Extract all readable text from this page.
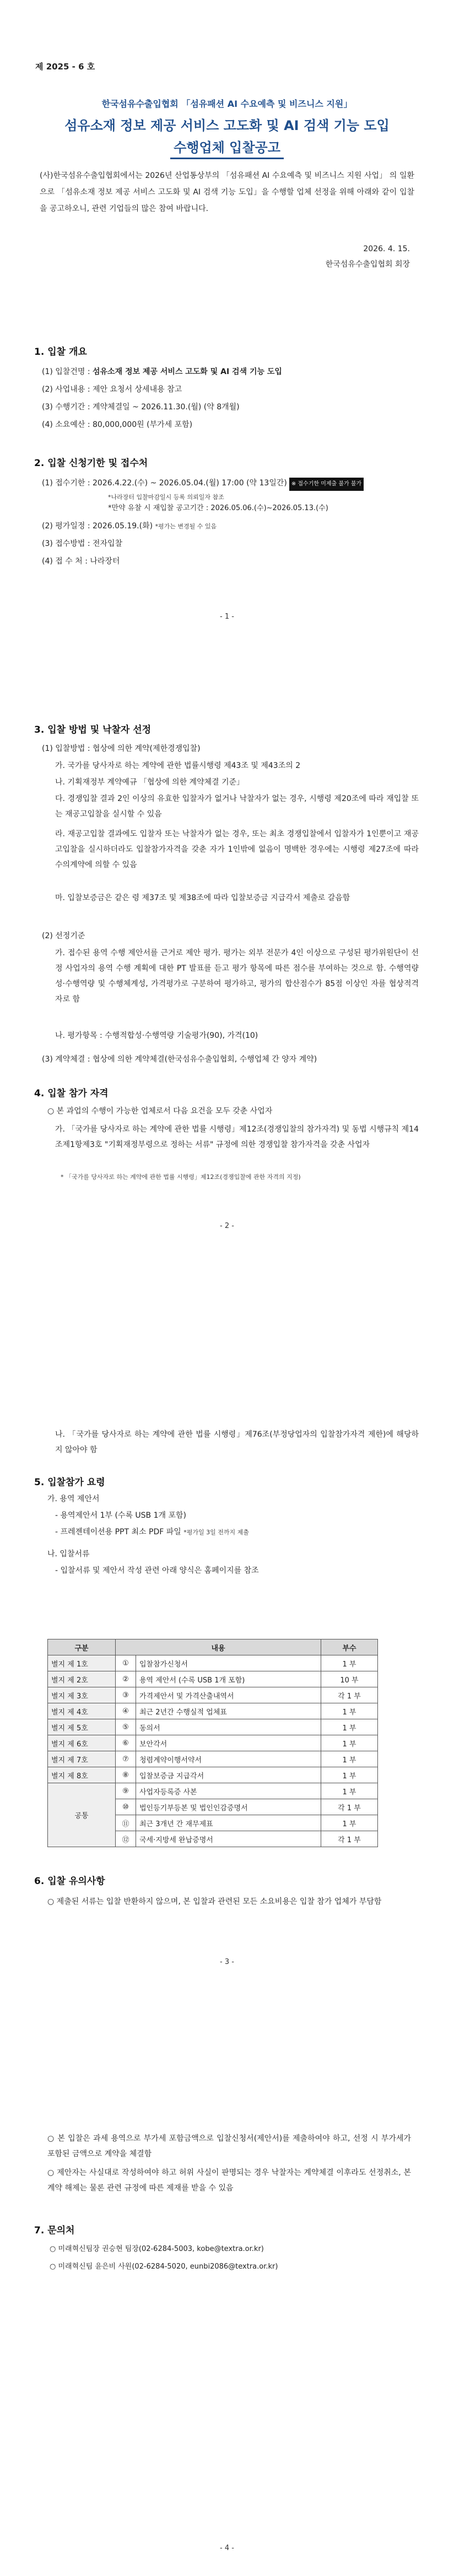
제 2025 - 6 호
한국섬유수출입협회 「섬유패션 AI 수요예측 및 비즈니스 지원」
섬유소재 정보 제공 서비스 고도화 및 AI 검색 기능 도입
수행업체 입찰공고
(사)한국섬유수출입협회에서는 2026년 산업통상부의 「섬유패션 AI 수요예측 및 비즈니스 지원 사업」 의 일환으로 「섬유소재 정보 제공 서비스 고도화 및 AI 검색 기능 도입」을 수행할 업체 선정을 위해 아래와 같이 입찰을 공고하오니, 관련 기업들의 많은 참여 바랍니다.
2026. 4. 15.
한국섬유수출입협회 회장
1. 입찰 개요
(1) 입찰건명 : 섬유소재 정보 제공 서비스 고도화 및 AI 검색 기능 도입
(2) 사업내용 : 제안 요청서 상세내용 참고
(3) 수행기간 : 계약체결일 ~ 2026.11.30.(월) (약 8개월)
(4) 소요예산 : 80,000,000원 (부가세 포함)
2. 입찰 신청기한 및 접수처
(1) 접수기한 : 2026.4.22.(수) ~ 2026.05.04.(월) 17:00 (약 13일간) ※ 접수기한 미제출 불가 불가
*나라장터 입찰마감일시 등록 의뢰일자 참조
*만약 유찰 시 재입찰 공고기간 : 2026.05.06.(수)~2026.05.13.(수)
(2) 평가일정 : 2026.05.19.(화) *평가는 변경될 수 있음
(3) 접수방법 : 전자입찰
(4) 접 수 처 : 나라장터
- 1 -
3. 입찰 방법 및 낙찰자 선정
(1) 입찰방법 : 협상에 의한 계약(제한경쟁입찰)
가. 국가를 당사자로 하는 계약에 관한 법률시행령 제43조 및 제43조의 2
나. 기획재정부 계약예규 「협상에 의한 계약체결 기준」
다. 경쟁입찰 결과 2인 이상의 유효한 입찰자가 없거나 낙찰자가 없는 경우, 시행령 제20조에 따라 재입찰 또는 재공고입찰을 실시할 수 있음
라. 재공고입찰 결과에도 입찰자 또는 낙찰자가 없는 경우, 또는 최초 경쟁입찰에서 입찰자가 1인뿐이고 재공고입찰을 실시하더라도 입찰참가자격을 갖춘 자가 1인밖에 없음이 명백한 경우에는 시행령 제27조에 따라 수의계약에 의할 수 있음
마. 입찰보증금은 같은 령 제37조 및 제38조에 따라 입찰보증금 지급각서 제출로 갈음함
(2) 선정기준
가. 접수된 용역 수행 제안서를 근거로 제안 평가. 평가는 외부 전문가 4인 이상으로 구성된 평가위원단이 선정 사업자의 용역 수행 계획에 대한 PT 발표를 듣고 평가 항목에 따른 점수를 부여하는 것으로 함. 수행역량성·수행역량 및 수행체계성, 가격평가로 구분하여 평가하고, 평가의 합산점수가 85점 이상인 자를 협상적격자로 함
나. 평가항목 : 수행적합성·수행역량 기술평가(90), 가격(10)
(3) 계약체결 : 협상에 의한 계약체결(한국섬유수출입협회, 수행업체 간 양자 계약)
4. 입찰 참가 자격
○ 본 과업의 수행이 가능한 업체로서 다음 요건을 모두 갖춘 사업자
가. 「국가를 당사자로 하는 계약에 관한 법률 시행령」제12조(경쟁입찰의 참가자격) 및 동법 시행규칙 제14조제1항제3호 "기획재정부령으로 정하는 서류" 규정에 의한 경쟁입찰 참가자격을 갖춘 사업자
* 「국가를 당사자로 하는 계약에 관한 법률 시행령」제12조(경쟁입찰에 관한 자격의 지정)
- 2 -
나. 「국가를 당사자로 하는 계약에 관한 법률 시행령」제76조(부정당업자의 입찰참가자격 제한)에 해당하지 않아야 함
5. 입찰참가 요령
가. 용역 제안서
- 용역제안서 1부 (수록 USB 1개 포함)
- 프레젠테이션용 PPT 최소 PDF 파일 *평가일 3일 전까지 제출
나. 입찰서류
- 입찰서류 및 제안서 작성 관련 아래 양식은 홈페이지를 참조
구분	내용		부수
별지 제 1호	①	입찰참가신청서	1 부
별지 제 2호	②	용역 제안서 (수록 USB 1개 포함)	10 부
별지 제 3호	③	가격제안서 및 가격산출내역서	각 1 부
별지 제 4호	④	최근 2년간 수행실적 업체표	1 부
별지 제 5호	⑤	동의서	1 부
별지 제 6호	⑥	보안각서	1 부
별지 제 7호	⑦	청렴계약이행서약서	1 부
별지 제 8호	⑧	입찰보증금 지급각서	1 부
공통	⑨	사업자등록증 사본	1 부
	⑩	법인등기부등본 및 법인인감증명서	각 1 부
	⑪	최근 3개년 간 재무제표	1 부
	⑫	국세·지방세 완납증명서	각 1 부
6. 입찰 유의사항
○ 제출된 서류는 입찰 반환하지 않으며, 본 입찰과 관련된 모든 소요비용은 입찰 참가 업체가 부담함
- 3 -
○ 본 입찰은 과세 용역으로 부가세 포함금액으로 입찰신청서(제안서)를 제출하여야 하고, 선정 시 부가세가 포함된 금액으로 계약을 체결함
○ 제안자는 사실대로 작성하여야 하고 허위 사실이 판명되는 경우 낙찰자는 계약체결 이후라도 선정취소, 본계약 해제는 물론 관련 규정에 따른 제재를 받을 수 있음
7. 문의처
○ 미래혁신팀장 권승현 팀장(02-6284-5003, kobe@textra.or.kr)
○ 미래혁신팀 윤은비 사원(02-6284-5020, eunbi2086@textra.or.kr)
- 4 -
